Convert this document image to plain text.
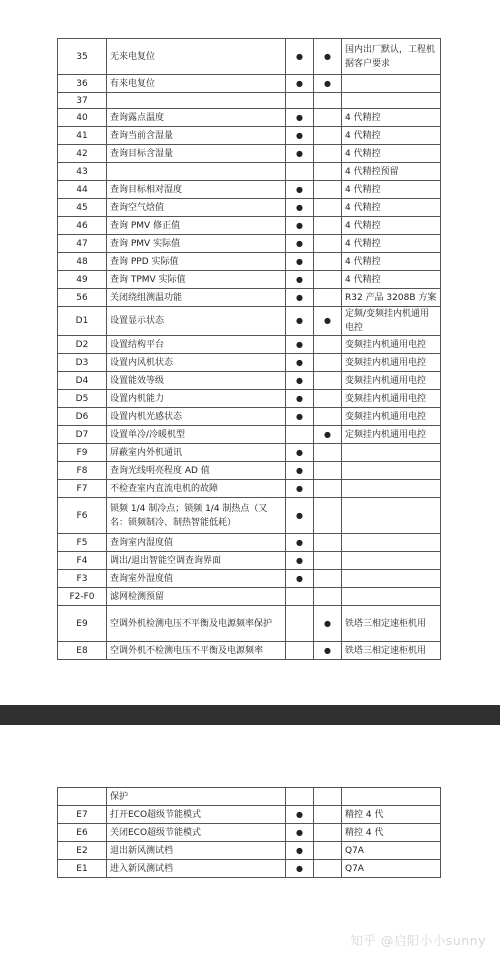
35	无来电复位	●	●	国内出厂默认，工程机据客户要求
36	有来电复位	●	●	
37				
40	查询露点温度	●		4 代精控
41	查询当前含湿量	●		4 代精控
42	查询目标含湿量	●		4 代精控
43				4 代精控预留
44	查询目标相对湿度	●		4 代精控
45	查询空气焓值	●		4 代精控
46	查询 PMV 修正值	●		4 代精控
47	查询 PMV 实际值	●		4 代精控
48	查询 PPD 实际值	●		4 代精控
49	查询 TPMV 实际值	●		4 代精控
56	关闭绕组测温功能	●		R32 产品 3208B 方案
D1	设置显示状态	●	●	定频/变频挂内机通用电控
D2	设置结构平台	●		变频挂内机通用电控
D3	设置内风机状态	●		变频挂内机通用电控
D4	设置能效等级	●		变频挂内机通用电控
D5	设置内机能力	●		变频挂内机通用电控
D6	设置内机光感状态	●		变频挂内机通用电控
D7	设置单冷/冷暖机型		●	定频挂内机通用电控
F9	屏蔽室内外机通讯	●		
F8	查询光线明亮程度 AD 值	●		
F7	不检查室内直流电机的故障	●		
F6	锁频 1/4 制冷点；锁频 1/4 制热点（又名：锁频制冷、制热智能低耗）	●		
F5	查询室内湿度值	●		
F4	调出/退出智能空调查询界面	●		
F3	查询室外湿度值	●		
F2-F0	滤网检测预留			
E9	空调外机检测电压不平衡及电源频率保护		●	铁塔三相定速柜机用
E8	空调外机不检测电压不平衡及电源频率		●	铁塔三相定速柜机用
	保护			
E7	打开ECO超级节能模式	●		精控 4 代
E6	关闭ECO超级节能模式	●		精控 4 代
E2	退出新风测试档	●		Q7A
E1	进入新风测试档	●		Q7A
知乎 @启阳小小sunny
